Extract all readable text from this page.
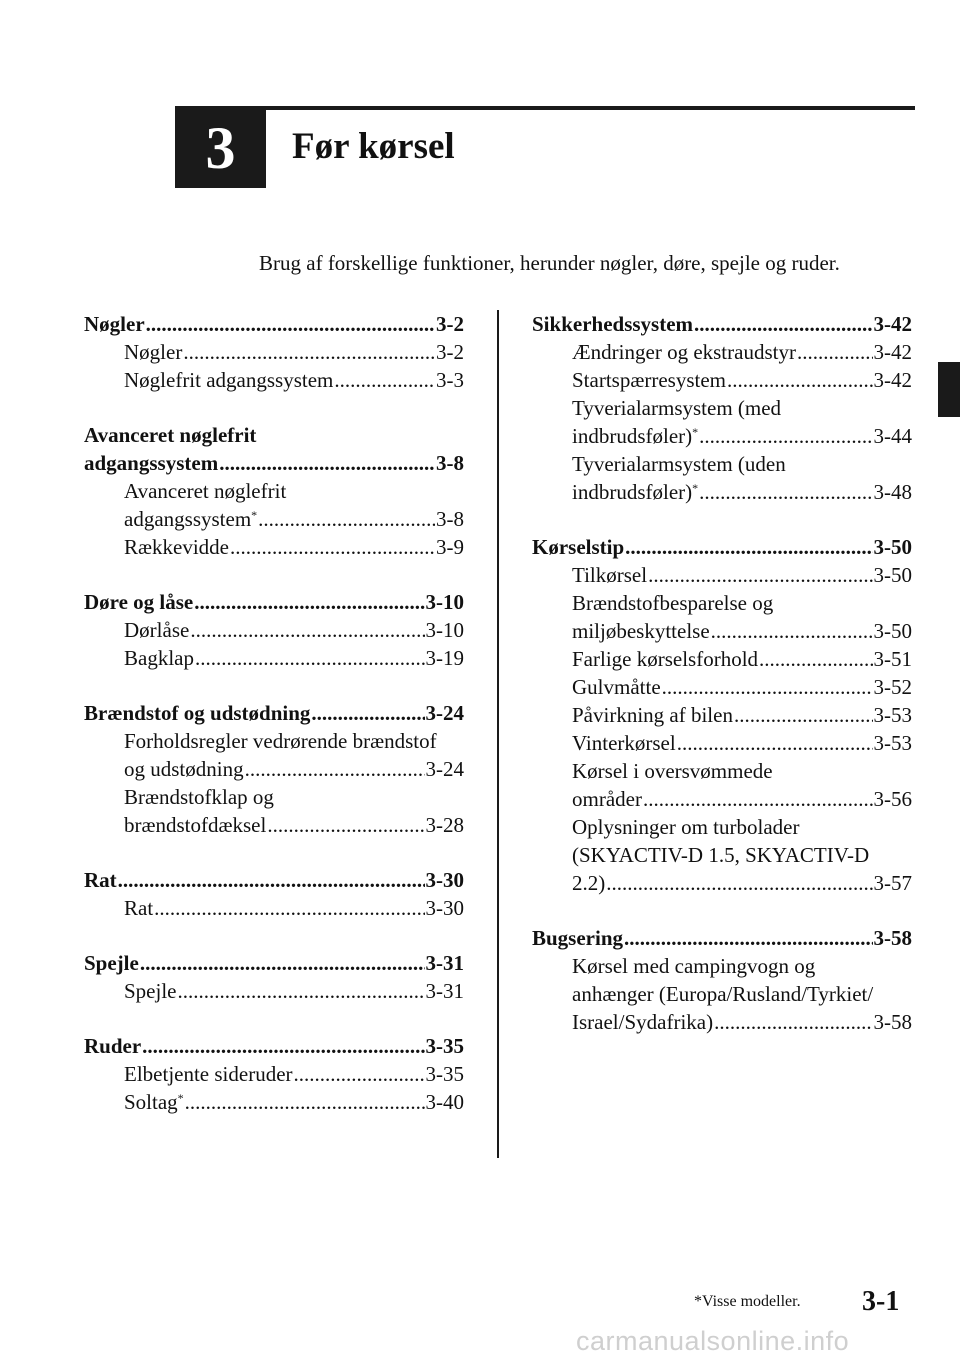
3 Før kørsel
Brug af forskellige funktioner, herunder nøgler, døre, spejle og ruder.
Nøgler .....	3-2
Nøgler .....	3-2
Nøglefrit adgangssystem .....	3-3
Avanceret nøglefrit
adgangssystem .....	3-8
Avanceret nøglefrit
adgangssystem* .....	3-8
Rækkevidde .....	3-9
Døre og låse .....	3-10
Dørlåse .....	3-10
Bagklap .....	3-19
Brændstof og udstødning .....	3-24
Forholdsregler vedrørende brændstof
og udstødning .....	3-24
Brændstofklap og
brændstofdæksel .....	3-28
Rat .....	3-30
Rat .....	3-30
Spejle .....	3-31
Spejle .....	3-31
Ruder .....	3-35
Elbetjente sideruder .....	3-35
Soltag* .....	3-40
Sikkerhedssystem .....	3-42
Ændringer og ekstraudstyr .....	3-42
Startspærresystem .....	3-42
Tyverialarmsystem (med
indbrudsføler)* .....	3-44
Tyverialarmsystem (uden
indbrudsføler)* .....	3-48
Kørselstip .....	3-50
Tilkørsel .....	3-50
Brændstofbesparelse og
miljøbeskyttelse .....	3-50
Farlige kørselsforhold .....	3-51
Gulvmåtte .....	3-52
Påvirkning af bilen .....	3-53
Vinterkørsel .....	3-53
Kørsel i oversvømmede
områder .....	3-56
Oplysninger om turbolader
(SKYACTIV-D 1.5, SKYACTIV-D
2.2) .....	3-57
Bugsering .....	3-58
Kørsel med campingvogn og
anhænger (Europa/Rusland/Tyrkiet/
Israel/Sydafrika) .....	3-58
*Visse modeller. 3-1
carmanualsonline.info
